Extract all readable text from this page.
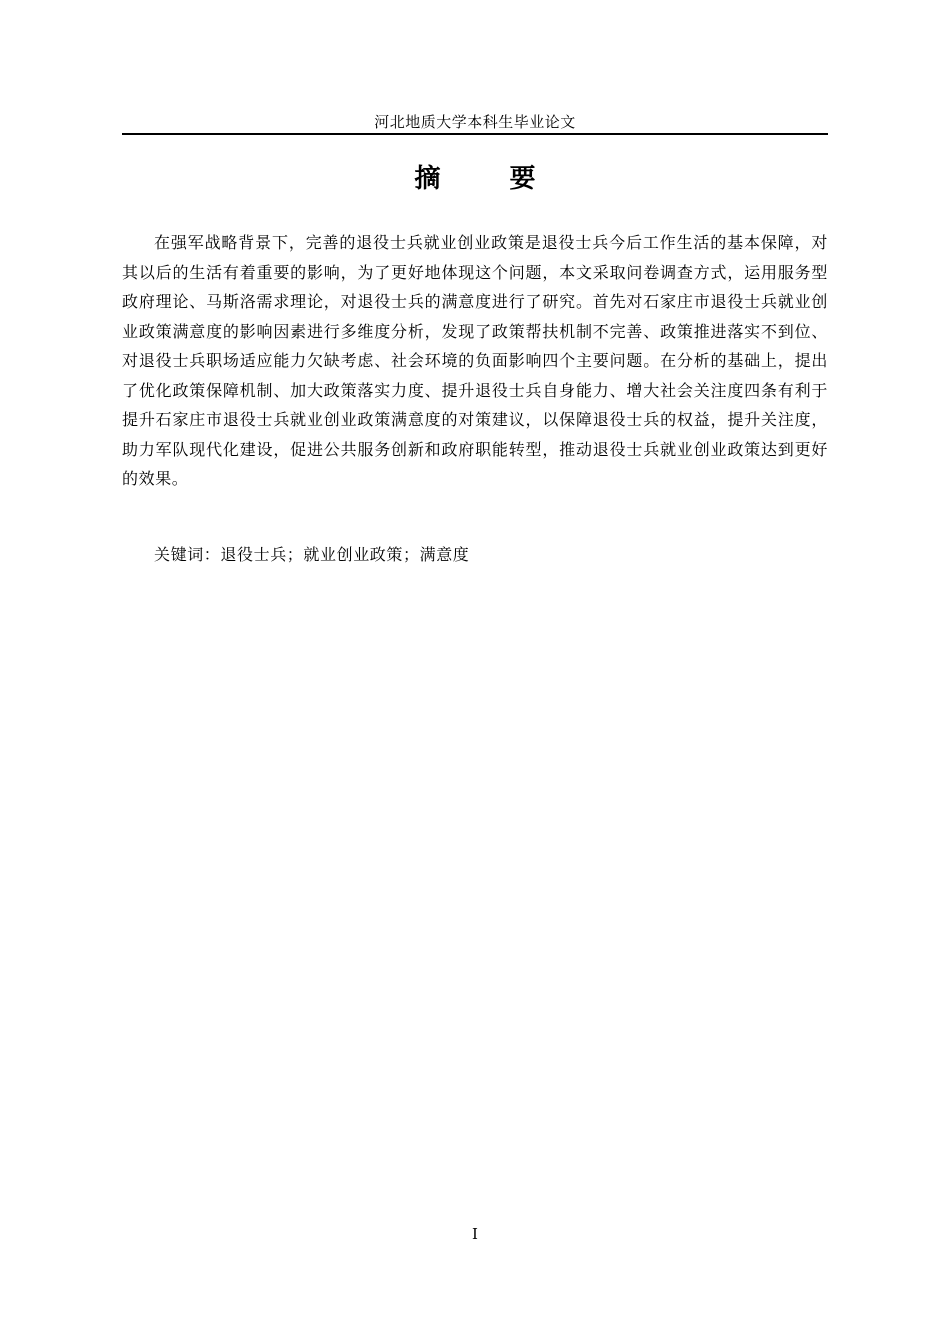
河北地质大学本科生毕业论文
摘 要

在强军战略背景下，完善的退役士兵就业创业政策是退役士兵今后工作生活的基本保障，对其以后的生活有着重要的影响，为了更好地体现这个问题，本文采取问卷调查方式，运用服务型政府理论、马斯洛需求理论，对退役士兵的满意度进行了研究。首先对石家庄市退役士兵就业创业政策满意度的影响因素进行多维度分析，发现了政策帮扶机制不完善、政策推进落实不到位、对退役士兵职场适应能力欠缺考虑、社会环境的负面影响四个主要问题。在分析的基础上，提出了优化政策保障机制、加大政策落实力度、提升退役士兵自身能力、增大社会关注度四条有利于提升石家庄市退役士兵就业创业政策满意度的对策建议，以保障退役士兵的权益，提升关注度，助力军队现代化建设，促进公共服务创新和政府职能转型，推动退役士兵就业创业政策达到更好的效果。

关键词：退役士兵；就业创业政策；满意度

I
